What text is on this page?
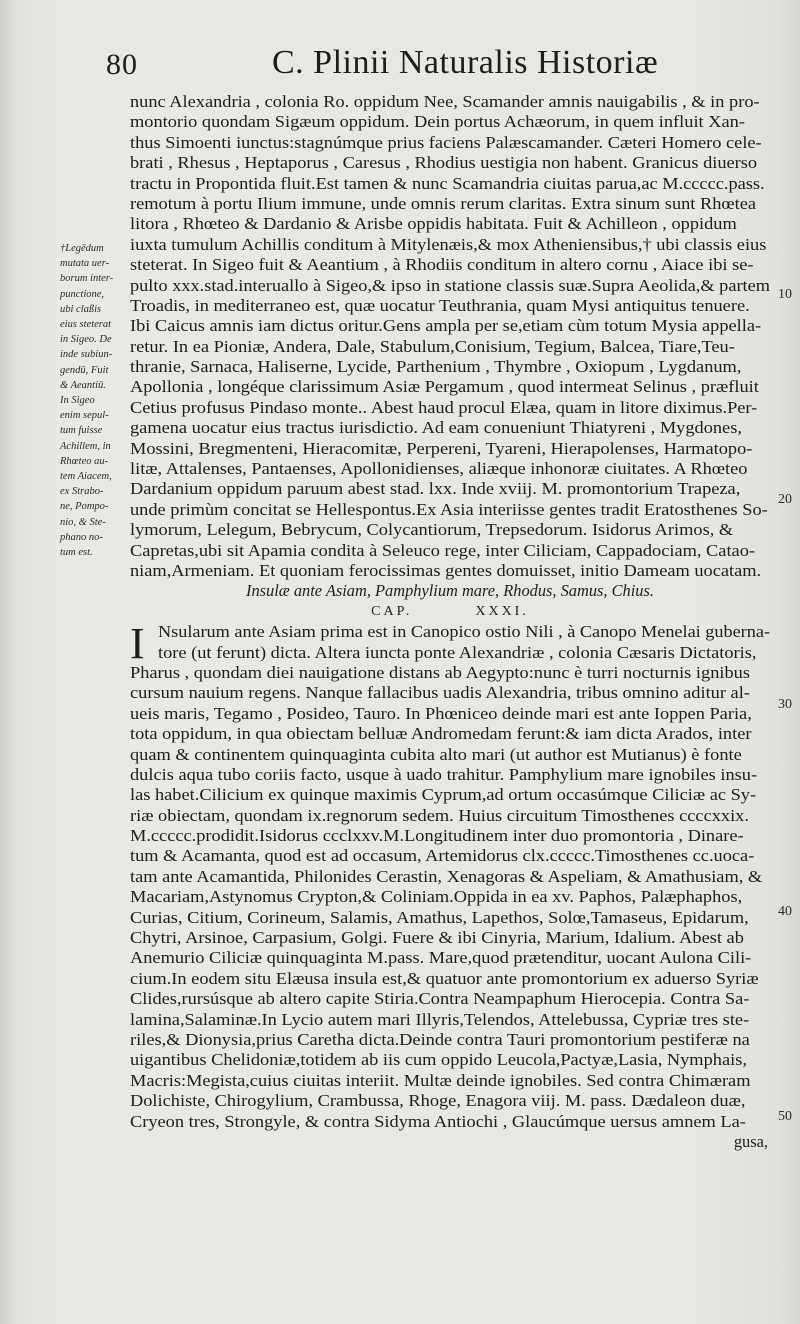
80	C. Plinii Naturalis Historiæ
†Legēdum
mutata uer-
borum inter-
punctione,
ubi claßis
eius steterat
in Sigeo. De
inde subiun-
gendū, Fuit
& Aeantiū.
In Sigeo
enim sepul-
tum fuisse
Achillem, in
Rhœteo au-
tem Aiacem,
ex Strabo-
ne, Pompo-
nio, & Ste-
phano no-
tum est.
10
20
30
40
50
nunc Alexandria , colonia Ro. oppidum Nee, Scamander amnis nauigabilis , & in pro-
montorio quondam Sigæum oppidum. Dein portus Achæorum, in quem influit Xan-
thus Simoenti iunctus:stagnúmque prius faciens Palæscamander. Cæteri Homero cele-
brati , Rhesus , Heptaporus , Caresus , Rhodius uestigia non habent. Granicus diuerso
tractu in Propontida fluit.Est tamen & nunc Scamandria ciuitas parua,ac M.ccccc.pass.
remotum à portu Ilium immune, unde omnis rerum claritas. Extra sinum sunt Rhœtea
litora , Rhœteo & Dardanio & Arisbe oppidis habitata. Fuit & Achilleon , oppidum
iuxta tumulum Achillis conditum à Mitylenæis,& mox Atheniensibus,† ubi classis eius
steterat. In Sigeo fuit & Aeantium , à Rhodiis conditum in altero cornu , Aiace ibi se-
pulto xxx.stad.interuallo à Sigeo,& ipso in statione classis suæ.Supra Aeolida,& partem
Troadis, in mediterraneo est, quæ uocatur Teuthrania, quam Mysi antiquitus tenuere.
Ibi Caicus amnis iam dictus oritur.Gens ampla per se,etiam cùm totum Mysia appella-
retur. In ea Pioniæ, Andera, Dale, Stabulum,Conisium, Tegium, Balcea, Tiare,Teu-
thranie, Sarnaca, Haliserne, Lycide, Parthenium , Thymbre , Oxiopum , Lygdanum,
Apollonia , longéque clarissimum Asiæ Pergamum , quod intermeat Selinus , præfluit
Cetius profusus Pindaso monte.. Abest haud procul Elæa, quam in litore diximus.Per-
gamena uocatur eius tractus iurisdictio. Ad eam conueniunt Thiatyreni , Mygdones,
Mossini, Bregmenteni, Hieracomitæ, Perpereni, Tyareni, Hierapolenses, Harmatopo-
litæ, Attalenses, Pantaenses, Apollonidienses, aliæque inhonoræ ciuitates. A Rhœteo
Dardanium oppidum paruum abest stad. lxx. Inde xviij. M. promontorium Trapeza,
unde primùm concitat se Hellespontus.Ex Asia interiisse gentes tradit Eratosthenes So-
lymorum, Lelegum, Bebrycum, Colycantiorum, Trepsedorum. Isidorus Arimos, &
Capretas,ubi sit Apamia condita à Seleuco rege, inter Ciliciam, Cappadociam, Cataо-
niam,Armeniam. Et quoniam ferocissimas gentes domuisset, initio Dameam uocatam.
Insulæ ante Asiam, Pamphylium mare, Rhodus, Samus, Chius.
CAP.	XXXI.
I Nsularum ante Asiam prima est in Canopico ostio Nili , à Canopo Menelai guberna-
tore (ut ferunt) dicta. Altera iuncta ponte Alexandriæ , colonia Cæsaris Dictatoris,
Pharus , quondam diei nauigatione distans ab Aegypto:nunc è turri nocturnis ignibus
cursum nauium regens. Nanque fallacibus uadis Alexandria, tribus omnino aditur al-
ueis maris, Tegamo , Posideo, Tauro. In Phœniceo deinde mari est ante Ioppen Paria,
tota oppidum, in qua obiectam belluæ Andromedam ferunt:& iam dicta Arados, inter
quam & continentem quinquaginta cubita alto mari (ut author est Mutianus) è fonte
dulcis aqua tubo coriis facto, usque à uado trahitur. Pamphylium mare ignobiles insu-
las habet.Cilicium ex quinque maximis Cyprum,ad ortum occasúmque Ciliciæ ac Sy-
riæ obiectam, quondam ix.regnorum sedem. Huius circuitum Timosthenes ccccxxix.
M.ccccc.prodidit.Isidorus ccclxxv.M.Longitudinem inter duo promontoria , Dinare-
tum & Acamanta, quod est ad occasum, Artemidorus clx.ccccc.Timosthenes cc.uoca-
tam ante Acamantida, Philonides Cerastin, Xenagoras & Aspeliam, & Amathusiam, &
Macariam,Astynomus Crypton,& Coliniam.Oppida in ea xv. Paphos, Palæphaphos,
Curias, Citium, Corineum, Salamis, Amathus, Lapethos, Solœ,Tamaseus, Epidarum,
Chytri, Arsinoe, Carpasium, Golgi. Fuere & ibi Cinyria, Marium, Idalium. Abest ab
Anemurio Ciliciæ quinquaginta M.pass. Mare,quod prætenditur, uocant Aulona Cili-
cium.In eodem situ Elæusa insula est,& quatuor ante promontorium ex aduerso Syriæ
Clides,rursúsque ab altero capite Stiria.Contra Neampaphum Hierocepia. Contra Sa-
lamina,Salaminæ.In Lycio autem mari Illyris,Telendos, Attelebussa, Cypriæ tres ste-
riles,& Dionysia,prius Caretha dicta.Deinde contra Tauri promontorium pestiferæ na
uigantibus Chelidoniæ,totidem ab iis cum oppido Leucola,Pactyæ,Lasia, Nymphais,
Macris:Megista,cuius ciuitas interiit. Multæ deinde ignobiles. Sed contra Chimæram
Dolichiste, Chirogylium, Crambussa, Rhoge, Enagora viij. M. pass. Dædaleon duæ,
Cryeon tres, Strongyle, & contra Sidyma Antiochi , Glaucúmque uersus amnem La-
gusa,
